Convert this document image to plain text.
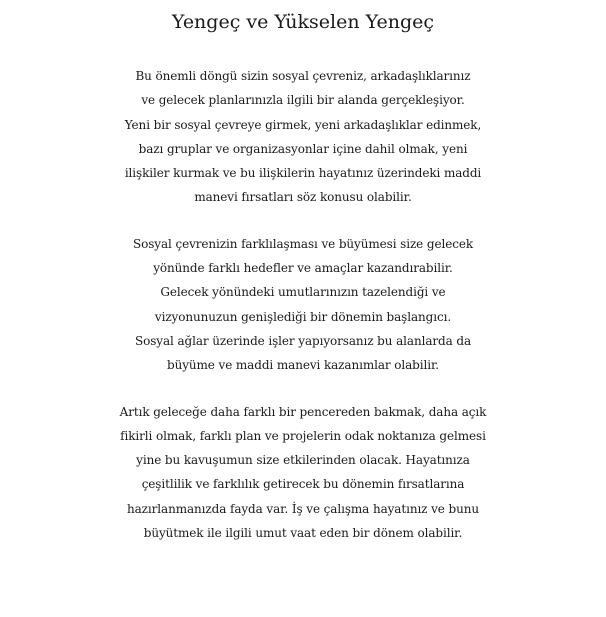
Yengeç ve Yükselen Yengeç
Bu önemli döngü sizin sosyal çevreniz, arkadaşlıklarınız
ve gelecek planlarınızla ilgili bir alanda gerçekleşiyor.
Yeni bir sosyal çevreye girmek, yeni arkadaşlıklar edinmek,
bazı gruplar ve organizasyonlar içine dahil olmak, yeni
ilişkiler kurmak ve bu ilişkilerin hayatınız üzerindeki maddi
manevi fırsatları söz konusu olabilir.
Sosyal çevrenizin farklılaşması ve büyümesi size gelecek
yönünde farklı hedefler ve amaçlar kazandırabilir.
Gelecek yönündeki umutlarınızın tazelendiği ve
vizyonunuzun genişlediği bir dönemin başlangıcı.
Sosyal ağlar üzerinde işler yapıyorsanız bu alanlarda da
büyüme ve maddi manevi kazanımlar olabilir.
Artık geleceğe daha farklı bir pencereden bakmak, daha açık
fikirli olmak, farklı plan ve projelerin odak noktanıza gelmesi
yine bu kavuşumun size etkilerinden olacak. Hayatınıza
çeşitlilik ve farklılık getirecek bu dönemin fırsatlarına
hazırlanmanızda fayda var. İş ve çalışma hayatınız ve bunu
büyütmek ile ilgili umut vaat eden bir dönem olabilir.
